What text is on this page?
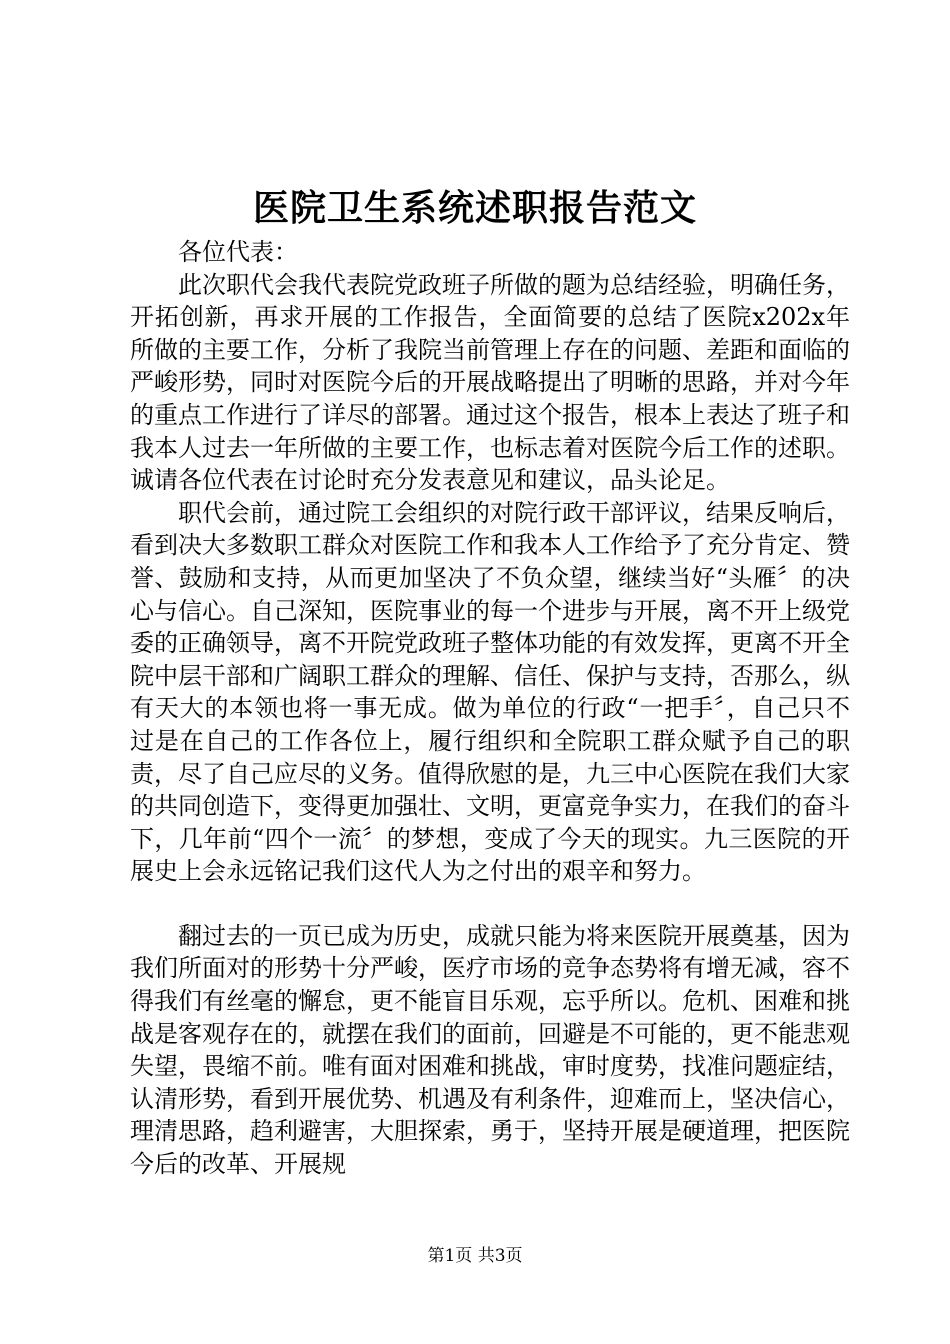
医院卫生系统述职报告范文

各位代表：

此次职代会我代表院党政班子所做的题为总结经验，明确任务，开拓创新，再求开展的工作报告，全面简要的总结了医院x202x年所做的主要工作，分析了我院当前管理上存在的问题、差距和面临的严峻形势，同时对医院今后的开展战略提出了明晰的思路，并对今年的重点工作进行了详尽的部署。通过这个报告，根本上表达了班子和我本人过去一年所做的主要工作，也标志着对医院今后工作的述职。诚请各位代表在讨论时充分发表意见和建议，品头论足。

职代会前，通过院工会组织的对院行政干部评议，结果反响后，看到决大多数职工群众对医院工作和我本人工作给予了充分肯定、赞誉、鼓励和支持，从而更加坚决了不负众望，继续当好“头雁〞的决心与信心。自己深知，医院事业的每一个进步与开展，离不开上级党委的正确领导，离不开院党政班子整体功能的有效发挥，更离不开全院中层干部和广阔职工群众的理解、信任、保护与支持，否那么，纵有天大的本领也将一事无成。做为单位的行政“一把手〞，自己只不过是在自己的工作各位上，履行组织和全院职工群众赋予自己的职责，尽了自己应尽的义务。值得欣慰的是，九三中心医院在我们大家的共同创造下，变得更加强壮、文明，更富竞争实力，在我们的奋斗下，几年前“四个一流〞的梦想，变成了今天的现实。九三医院的开展史上会永远铭记我们这代人为之付出的艰辛和努力。

翻过去的一页已成为历史，成就只能为将来医院开展奠基，因为我们所面对的形势十分严峻，医疗市场的竞争态势将有增无减，容不得我们有丝毫的懈怠，更不能盲目乐观，忘乎所以。危机、困难和挑战是客观存在的，就摆在我们的面前，回避是不可能的，更不能悲观失望，畏缩不前。唯有面对困难和挑战，审时度势，找准问题症结，认清形势，看到开展优势、机遇及有利条件，迎难而上，坚决信心，理清思路，趋利避害，大胆探索，勇于，坚持开展是硬道理，把医院今后的改革、开展规

第1页 共3页
